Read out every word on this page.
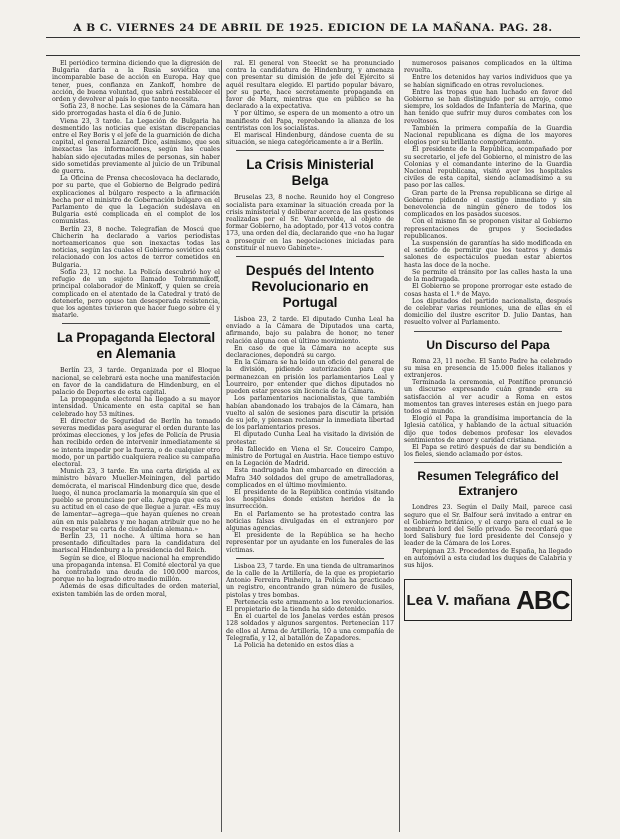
A B C. VIERNES 24 DE ABRIL DE 1925. EDICION DE LA MAÑANA. PAG. 28.

El periódico termina diciendo que la digresión de Bulgaria daría a la Rusia soviética una incomparable base de acción en Europa. Hay que tener, pues, confianza en Zankoff, hombre de acción, de buena voluntad, que sabrá restablecer el orden y devolver al país lo que tanto necesita.

Sofía 23, 8 noche. Las sesiones de la Cámara han sido prorrogadas hasta el día 6 de Junio.

Viena 23, 3 tarde. La Legación de Bulgaria ha desmentido las noticias que existan discrepancias entre el Rey Boris y el jefe de la guarnición de dicha capital, el general Lazaroff. Dice, asimismo, que son inexactas las informaciones, según las cuales habían sido ejecutadas miles de personas, sin haber sido sometidas previamente al juicio de un Tribunal de guerra.

La Oficina de Prensa checoslovaca ha declarado, por su parte, que el Gobierno de Belgrado pedirá explicaciones al búlgaro respecto a la afirmación hecha por el ministro de Gobernación búlgaro en el Parlamento de que la Legación sudeslava en Bulgaria esté complicada en el complot de los comunistas.

Berlín 23, 8 noche. Telegrafían de Moscú que Chicherin ha declarado a varios periodistas norteamericanos que son inexactas todas las noticias, según las cuales el Gobierno soviético está relacionado con los actos de terror cometidos en Bulgaria.

Sofía 23, 12 noche. La Policía descubrió hoy el refugio de un sujeto llamado Tobrammikoff, principal colaborador de Minkoff, y quien se creía complicado en el atentado de la Catedral y trató de detenerle, pero opuso tan desesperada resistencia, que los agentes tuvieron que hacer fuego sobre él y matarle.

La Propaganda Electoral en Alemania

Berlín 23, 3 tarde. Organizada por el Bloque nacional, se celebrará esta noche una manifestación en favor de la candidatura de Hindenburg, en el palacio de Deportes de esta capital.

La propaganda electoral ha llegado a su mayor intensidad. Únicamente en esta capital se han celebrado hoy 53 mítines.

El director de Seguridad de Berlín ha tomado severas medidas para asegurar el orden durante las próximas elecciones, y los jefes de Policía de Prusia han recibido orden de intervenir inmediatamente si se intenta impedir por la fuerza, o de cualquier otro modo, por un partido cualquiera realice su campaña electoral.

Munich 23, 3 tarde. En una carta dirigida al ex ministro bávaro Mueller-Meiningen, del partido demócrata, el mariscal Hindenburg dice que, desde luego, él nunca proclamaría la monarquía sin que el pueblo se pronunciase por ella. Agrega que esta es su actitud en el caso de que llegue a jurar. «Es muy de lamentar—agrega—que hayan quienes no crean aún en mis palabras y me hagan atribuir que no he de respetar su carta de ciudadanía alemana.»

Berlín 23, 11 noche. A última hora se han presentado dificultades para la candidatura del mariscal Hindenburg a la presidencia del Reich.

Según se dice, el Bloque nacional ha emprendido una propaganda intensa. El Comité electoral ya que ha contratado una deuda de 100.000 marcos, porque no ha logrado otro medio millón.

Además de esas dificultades de orden material, existen también las de orden moral,

ral. El general von Steeckt se ha pronunciado contra la candidatura de Hindenburg, y amenaza con presentar su dimisión de jefe del Ejército si aquél resultara elegido. El partido popular bávaro, por su parte, hace secretamente propaganda en favor de Marx, mientras que en público se ha declarado a la expectativa.

Y por último, se espera de un momento a otro un manifiesto del Papa, reprobando la alianza de los centristas con los socialistas.

El mariscal Hindenburg, dándose cuenta de su situación, se niega categóricamente a ir a Berlín.

La Crisis Ministerial Belga

Bruselas 23, 8 noche. Reunido hoy el Congreso socialista para examinar la situación creada por la crisis ministerial y deliberar acerca de las gestiones realizadas por el Sr. Vandervelde, al objeto de formar Gobierno, ha adoptado, por 413 votos contra 173, una orden del día, declarando que «no ha lugar a proseguir en las negociaciones iniciadas para constituir el nuevo Gabinete».

Después del Intento Revolucionario en Portugal

Lisboa 23, 2 tarde. El diputado Cunha Leal ha enviado a la Cámara de Diputados una carta, afirmando, bajo su palabra de honor, no tener relación alguna con el último movimiento.

En caso de que la Cámara no acepte sus declaraciones, depondrá su cargo.

En la Cámara se ha leído un oficio del general de la división, pidiendo autorización para que permanezcan en prisión los parlamentarios Leal y Lourreiro, por entender que dichos diputados no pueden estar presos sin licencia de la Cámara.

Los parlamentarios nacionalistas, que también habían abandonado los trabajos de la Cámara, han vuelto al salón de sesiones para discutir la prisión de su jefe, y piensan reclamar la inmediata libertad de los parlamentarios presos.

El diputado Cunha Leal ha visitado la división de protestar.

Ha fallecido en Viena el Sr. Couceiro Campo, ministro de Portugal en Austria. Hace tiempo estuvo en la Legación de Madrid.

Esta madrugada han embarcado en dirección a Mafra 340 soldados del grupo de ametralladoras, complicados en el último movimiento.

El presidente de la República continúa visitando los hospitales donde existen heridos de la insurrección.

En el Parlamento se ha protestado contra las noticias falsas divulgadas en el extranjero por algunas agencias.

El presidente de la República se ha hecho representar por un ayudante en los funerales de las víctimas.

Lisboa 23, 7 tarde. En una tienda de ultramarinos de la calle de la Artillería, de la que es propietario Antonio Ferreira Pinheiro, la Policía ha practicado un registro, encontrando gran número de fusiles, pistolas y tres bombas.

Pertenecía este armamento a los revolucionarios. El propietario de la tienda ha sido detenido.

En el cuartel de los Janelas verdes están presos 128 soldados y algunos sargentos. Pertenecían 117 de ellos al Arma de Artillería, 10 a una compañía de Telegrafía, y 12, al batallón de Zapadores.

La Policía ha detenido en estos días a

numerosos paisanos complicados en la última revuelta.

Entre los detenidos hay varios individuos que ya se habían significado en otras revoluciones.

Entre las tropas que han luchado en favor del Gobierno se han distinguido por su arrojo, como siempre, los soldados de Infantería de Marina, que han tenido que sufrir muy duros combates con los revoltosos.

También la primera compañía de la Guardia Nacional republicana es digna de los mayores elogios por su brillante comportamiento.

El presidente de la República, acompañado por su secretario, el jefe del Gobierno, el ministro de las Colonias y el comandante interino de la Guardia Nacional republicana, visitó ayer los hospitales civiles de esta capital, siendo aclamadísimo a su paso por las calles.

Gran parte de la Prensa republicana se dirige al Gobierno pidiendo el castigo inmediato y sin benevolencia de ningún género de todos los complicados en los pasados sucesos.

Con el mismo fin se proponen visitar al Gobierno representaciones de grupos y Sociedades republicanos.

La suspensión de garantías ha sido modificada en el sentido de permitir que los teatros y demás salones de espectáculos puedan estar abiertos hasta las doce de la noche.

Se permite el tránsito por las calles hasta la una de la madrugada.

El Gobierno se propone prorrogar este estado de cosas hasta el 1.º de Mayo.

Los diputados del partido nacionalista, después de celebrar varias reuniones, una de ellas en el domicilio del ilustre escritor D. Julio Dantas, han resuelto volver al Parlamento.

Un Discurso del Papa

Roma 23, 11 noche. El Santo Padre ha celebrado su misa en presencia de 15.000 fieles italianos y extranjeros.

Terminada la ceremonia, el Pontífice pronunció un discurso expresando cuán grande era su satisfacción al ver acudir a Roma en estos momentos tan graves intereses están en juego para todos el mundo.

Elogió el Papa la grandísima importancia de la Iglesia católica, y hablando de la actual situación dijo que todos debemos profesar los elevados sentimientos de amor y caridad cristiana.

El Papa se retiró después de dar su bendición a los fieles, siendo aclamado por éstos.

Resumen Telegráfico del Extranjero

Londres 23. Según el Daily Mail, parece casi seguro que el Sr. Balfour será invitado a entrar en el Gobierno británico, y el cargo para el cual se le nombrará lord del Sello privado. Se recordará que lord Salisbury fue lord presidente del Consejo y leader de la Cámara de los Lores.

Perpignan 23. Procedentes de España, ha llegado en automóvil a esta ciudad los duques de Calabria y sus hijos.

Lea V. mañana ABC
